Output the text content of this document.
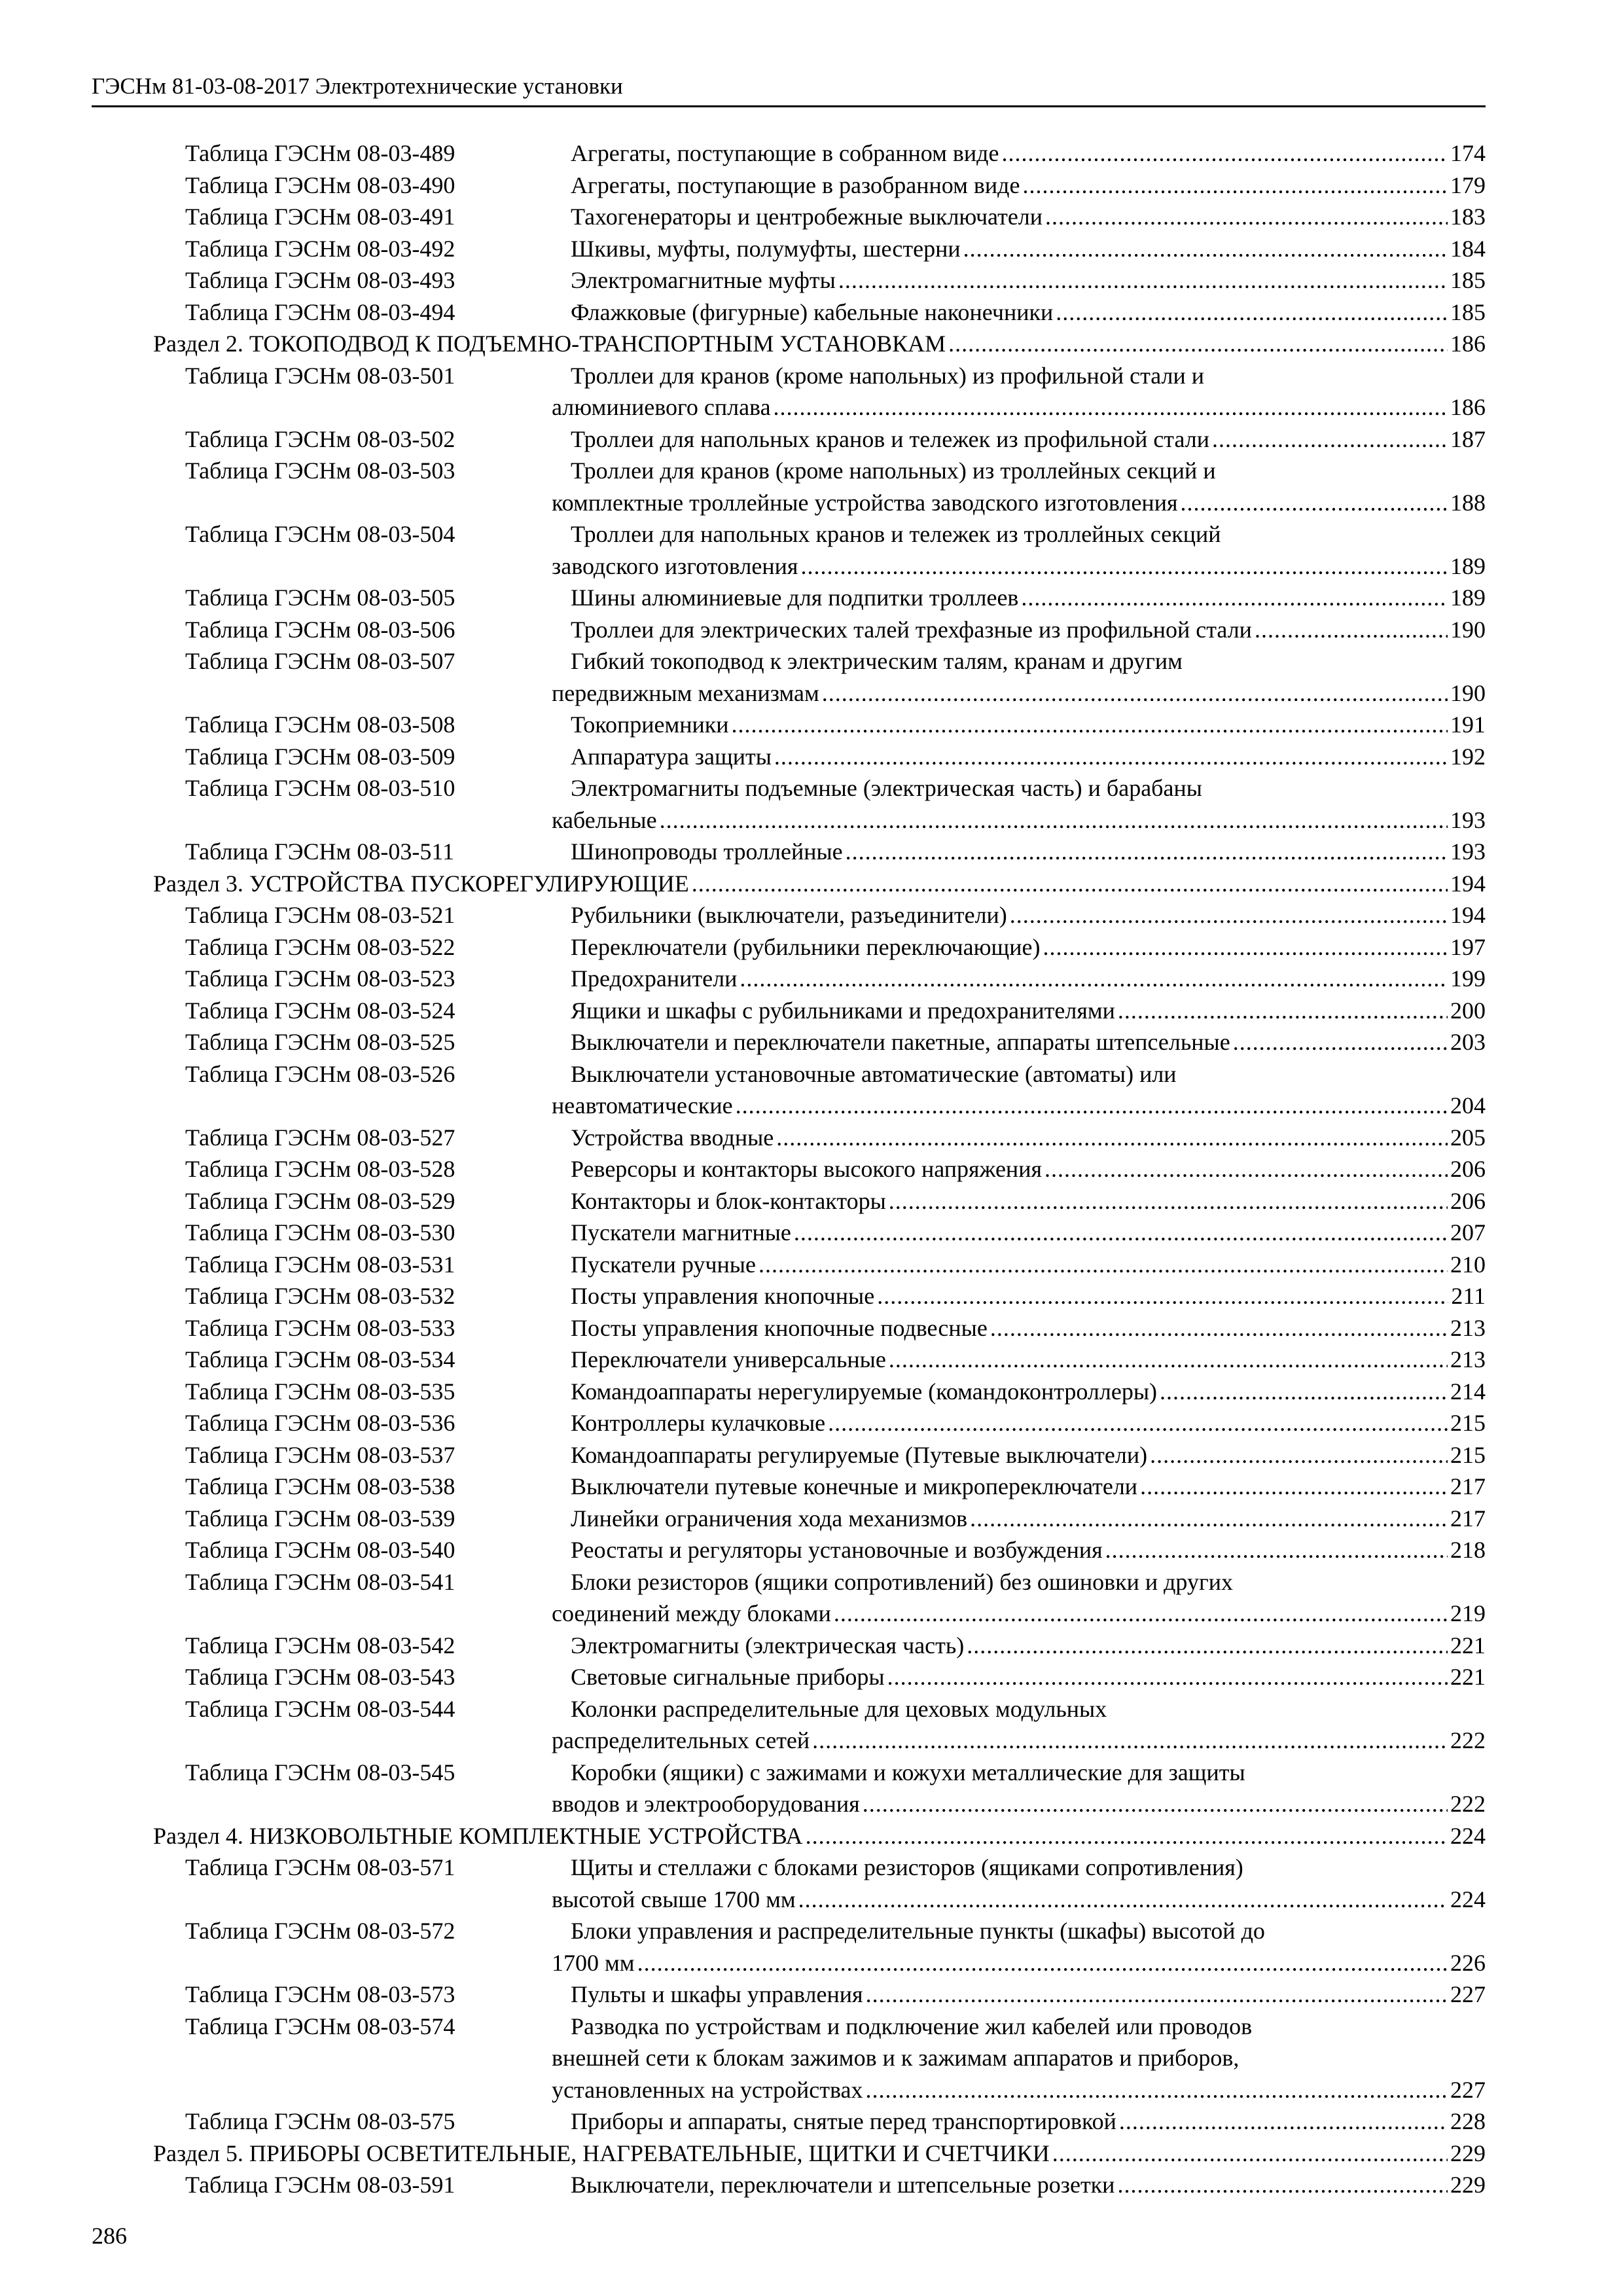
ГЭСНм 81-03-08-2017 Электротехнические установки
Таблица ГЭСНм 08-03-489	Агрегаты, поступающие в собранном виде .....	174
Таблица ГЭСНм 08-03-490	Агрегаты, поступающие в разобранном виде .....	179
Таблица ГЭСНм 08-03-491	Тахогенераторы и центробежные выключатели .....	183
Таблица ГЭСНм 08-03-492	Шкивы, муфты, полумуфты, шестерни .....	184
Таблица ГЭСНм 08-03-493	Электромагнитные муфты .....	185
Таблица ГЭСНм 08-03-494	Флажковые (фигурные) кабельные наконечники .....	185
Раздел 2. ТОКОПОДВОД К ПОДЪЕМНО-ТРАНСПОРТНЫМ УСТАНОВКАМ .....	186
Таблица ГЭСНм 08-03-501	Троллеи для кранов (кроме напольных) из профильной стали и
алюминиевого сплава .....	186
Таблица ГЭСНм 08-03-502	Троллеи для напольных кранов и тележек из профильной стали .....	187
Таблица ГЭСНм 08-03-503	Троллеи для кранов (кроме напольных) из троллейных секций и
комплектные троллейные устройства заводского изготовления .....	188
Таблица ГЭСНм 08-03-504	Троллеи для напольных кранов и тележек из троллейных секций
заводского изготовления .....	189
Таблица ГЭСНм 08-03-505	Шины алюминиевые для подпитки троллеев .....	189
Таблица ГЭСНм 08-03-506	Троллеи для электрических талей трехфазные из профильной стали .....	190
Таблица ГЭСНм 08-03-507	Гибкий токоподвод к электрическим талям, кранам и другим
передвижным механизмам .....	190
Таблица ГЭСНм 08-03-508	Токоприемники .....	191
Таблица ГЭСНм 08-03-509	Аппаратура защиты .....	192
Таблица ГЭСНм 08-03-510	Электромагниты подъемные (электрическая часть) и барабаны
кабельные .....	193
Таблица ГЭСНм 08-03-511	Шинопроводы троллейные .....	193
Раздел 3. УСТРОЙСТВА ПУСКОРЕГУЛИРУЮЩИЕ .....	194
Таблица ГЭСНм 08-03-521	Рубильники (выключатели, разъединители) .....	194
Таблица ГЭСНм 08-03-522	Переключатели (рубильники переключающие) .....	197
Таблица ГЭСНм 08-03-523	Предохранители .....	199
Таблица ГЭСНм 08-03-524	Ящики и шкафы с рубильниками и предохранителями .....	200
Таблица ГЭСНм 08-03-525	Выключатели и переключатели пакетные, аппараты штепсельные .....	203
Таблица ГЭСНм 08-03-526	Выключатели установочные автоматические (автоматы) или
неавтоматические .....	204
Таблица ГЭСНм 08-03-527	Устройства вводные .....	205
Таблица ГЭСНм 08-03-528	Реверсоры и контакторы высокого напряжения .....	206
Таблица ГЭСНм 08-03-529	Контакторы и блок-контакторы .....	206
Таблица ГЭСНм 08-03-530	Пускатели магнитные .....	207
Таблица ГЭСНм 08-03-531	Пускатели ручные .....	210
Таблица ГЭСНм 08-03-532	Посты управления кнопочные .....	211
Таблица ГЭСНм 08-03-533	Посты управления кнопочные подвесные .....	213
Таблица ГЭСНм 08-03-534	Переключатели универсальные .....	213
Таблица ГЭСНм 08-03-535	Командоаппараты нерегулируемые (командоконтроллеры) .....	214
Таблица ГЭСНм 08-03-536	Контроллеры кулачковые .....	215
Таблица ГЭСНм 08-03-537	Командоаппараты регулируемые (Путевые выключатели) .....	215
Таблица ГЭСНм 08-03-538	Выключатели путевые конечные и микропереключатели .....	217
Таблица ГЭСНм 08-03-539	Линейки ограничения хода механизмов .....	217
Таблица ГЭСНм 08-03-540	Реостаты и регуляторы установочные и возбуждения .....	218
Таблица ГЭСНм 08-03-541	Блоки резисторов (ящики сопротивлений) без ошиновки и других
соединений между блоками .....	219
Таблица ГЭСНм 08-03-542	Электромагниты (электрическая часть) .....	221
Таблица ГЭСНм 08-03-543	Световые сигнальные приборы .....	221
Таблица ГЭСНм 08-03-544	Колонки распределительные для цеховых модульных
распределительных сетей .....	222
Таблица ГЭСНм 08-03-545	Коробки (ящики) с зажимами и кожухи металлические для защиты
вводов и электрооборудования .....	222
Раздел 4. НИЗКОВОЛЬТНЫЕ КОМПЛЕКТНЫЕ УСТРОЙСТВА .....	224
Таблица ГЭСНм 08-03-571	Щиты и стеллажи с блоками резисторов (ящиками сопротивления)
высотой свыше 1700 мм .....	224
Таблица ГЭСНм 08-03-572	Блоки управления и распределительные пункты (шкафы) высотой до
1700 мм .....	226
Таблица ГЭСНм 08-03-573	Пульты и шкафы управления .....	227
Таблица ГЭСНм 08-03-574	Разводка по устройствам и подключение жил кабелей или проводов
внешней сети к блокам зажимов и к зажимам аппаратов и приборов,
установленных на устройствах .....	227
Таблица ГЭСНм 08-03-575	Приборы и аппараты, снятые перед транспортировкой .....	228
Раздел 5. ПРИБОРЫ ОСВЕТИТЕЛЬНЫЕ, НАГРЕВАТЕЛЬНЫЕ, ЩИТКИ И СЧЕТЧИКИ .....	229
Таблица ГЭСНм 08-03-591	Выключатели, переключатели и штепсельные розетки .....	229
286
